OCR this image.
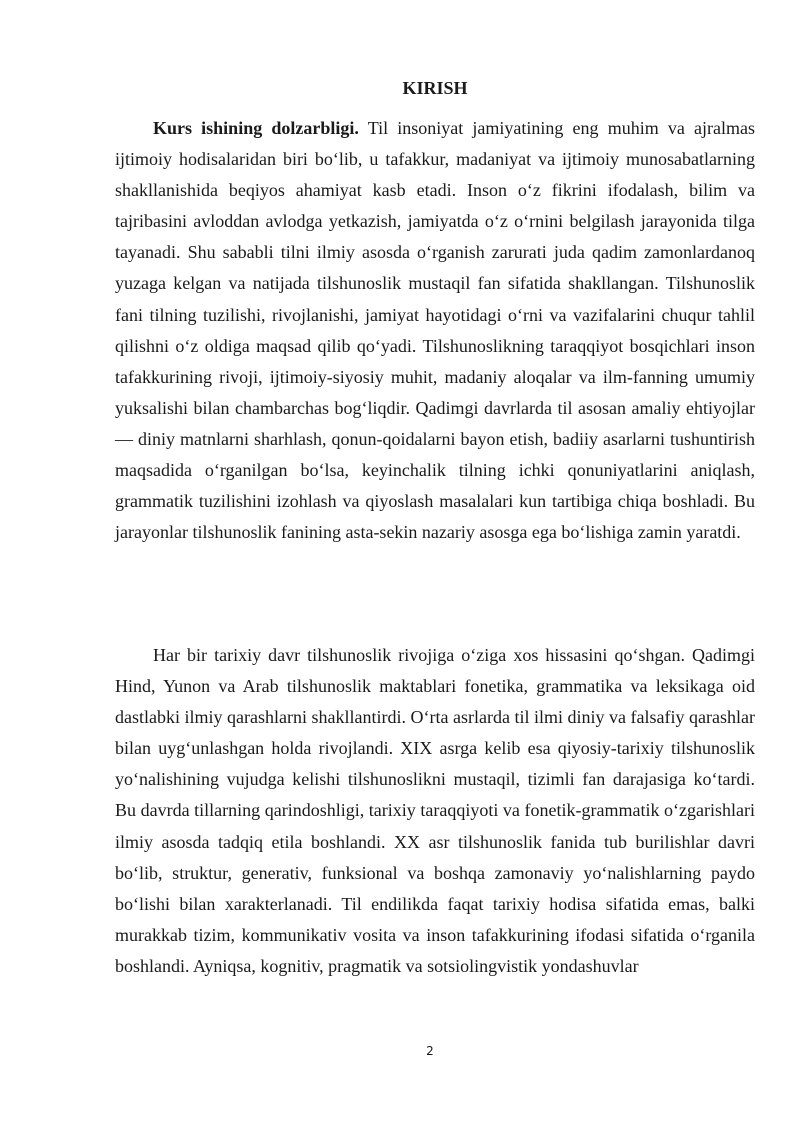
KIRISH

Kurs ishining dolzarbligi. Til insoniyat jamiyatining eng muhim va ajralmas ijtimoiy hodisalaridan biri bo‘lib, u tafakkur, madaniyat va ijtimoiy munosabatlarning shakllanishida beqiyos ahamiyat kasb etadi. Inson o‘z fikrini ifodalash, bilim va tajribasini avloddan avlodga yetkazish, jamiyatda o‘z o‘rnini belgilash jarayonida tilga tayanadi. Shu sababli tilni ilmiy asosda o‘rganish zarurati juda qadim zamonlardanoq yuzaga kelgan va natijada tilshunoslik mustaqil fan sifatida shakllangan. Tilshunoslik fani tilning tuzilishi, rivojlanishi, jamiyat hayotidagi o‘rni va vazifalarini chuqur tahlil qilishni o‘z oldiga maqsad qilib qo‘yadi. Tilshunoslikning taraqqiyot bosqichlari inson tafakkurining rivoji, ijtimoiy-siyosiy muhit, madaniy aloqalar va ilm-fanning umumiy yuksalishi bilan chambarchas bog‘liqdir. Qadimgi davrlarda til asosan amaliy ehtiyojlar — diniy matnlarni sharhlash, qonun-qoidalarni bayon etish, badiiy asarlarni tushuntirish maqsadida o‘rganilgan bo‘lsa, keyinchalik tilning ichki qonuniyatlarini aniqlash, grammatik tuzilishini izohlash va qiyoslash masalalari kun tartibiga chiqa boshladi. Bu jarayonlar tilshunoslik fanining asta-sekin nazariy asosga ega bo‘lishiga zamin yaratdi.

Har bir tarixiy davr tilshunoslik rivojiga o‘ziga xos hissasini qo‘shgan. Qadimgi Hind, Yunon va Arab tilshunoslik maktablari fonetika, grammatika va leksikaga oid dastlabki ilmiy qarashlarni shakllantirdi. O‘rta asrlarda til ilmi diniy va falsafiy qarashlar bilan uyg‘unlashgan holda rivojlandi. XIX asrga kelib esa qiyosiy-tarixiy tilshunoslik yo‘nalishining vujudga kelishi tilshunoslikni mustaqil, tizimli fan darajasiga ko‘tardi. Bu davrda tillarning qarindoshligi, tarixiy taraqqiyoti va fonetik-grammatik o‘zgarishlari ilmiy asosda tadqiq etila boshlandi. XX asr tilshunoslik fanida tub burilishlar davri bo‘lib, struktur, generativ, funksional va boshqa zamonaviy yo‘nalishlarning paydo bo‘lishi bilan xarakterlanadi. Til endilikda faqat tarixiy hodisa sifatida emas, balki murakkab tizim, kommunikativ vosita va inson tafakkurining ifodasi sifatida o‘rganila boshlandi. Ayniqsa, kognitiv, pragmatik va sotsiolingvistik yondashuvlar

2
